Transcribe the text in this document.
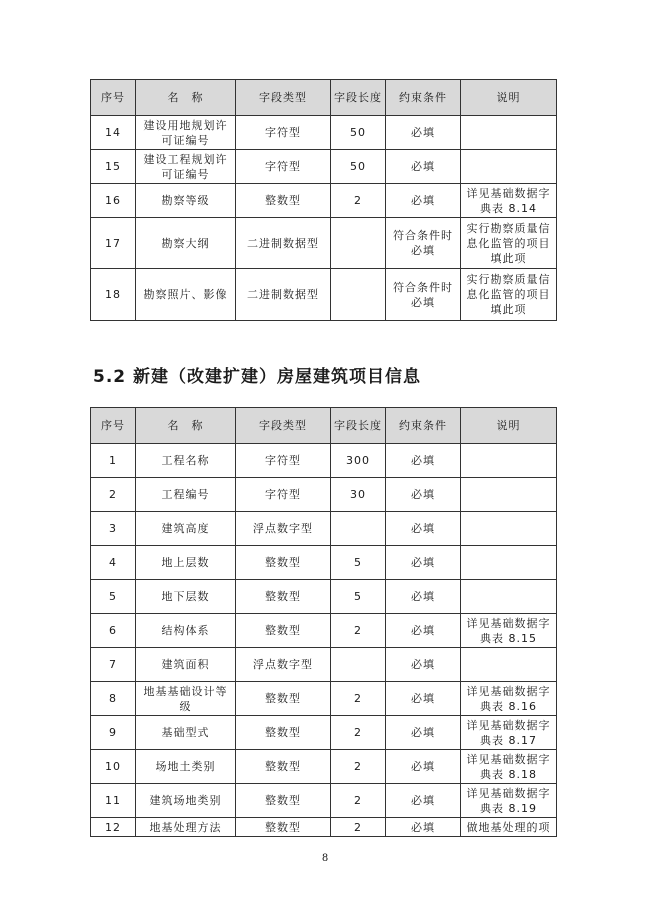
序号	名　称	字段类型	字段长度	约束条件	说明
14	建设用地规划许可证编号	字符型	50	必填	
15	建设工程规划许可证编号	字符型	50	必填	
16	勘察等级	整数型	2	必填	详见基础数据字典表 8.14
17	勘察大纲	二进制数据型		符合条件时必填	实行勘察质量信息化监管的项目填此项
18	勘察照片、影像	二进制数据型		符合条件时必填	实行勘察质量信息化监管的项目填此项
5.2 新建（改建扩建）房屋建筑项目信息
序号	名　称	字段类型	字段长度	约束条件	说明
1	工程名称	字符型	300	必填	
2	工程编号	字符型	30	必填	
3	建筑高度	浮点数字型		必填	
4	地上层数	整数型	5	必填	
5	地下层数	整数型	5	必填	
6	结构体系	整数型	2	必填	详见基础数据字典表 8.15
7	建筑面积	浮点数字型		必填	
8	地基基础设计等级	整数型	2	必填	详见基础数据字典表 8.16
9	基础型式	整数型	2	必填	详见基础数据字典表 8.17
10	场地土类别	整数型	2	必填	详见基础数据字典表 8.18
11	建筑场地类别	整数型	2	必填	详见基础数据字典表 8.19
12	地基处理方法	整数型	2	必填	做地基处理的项
8
